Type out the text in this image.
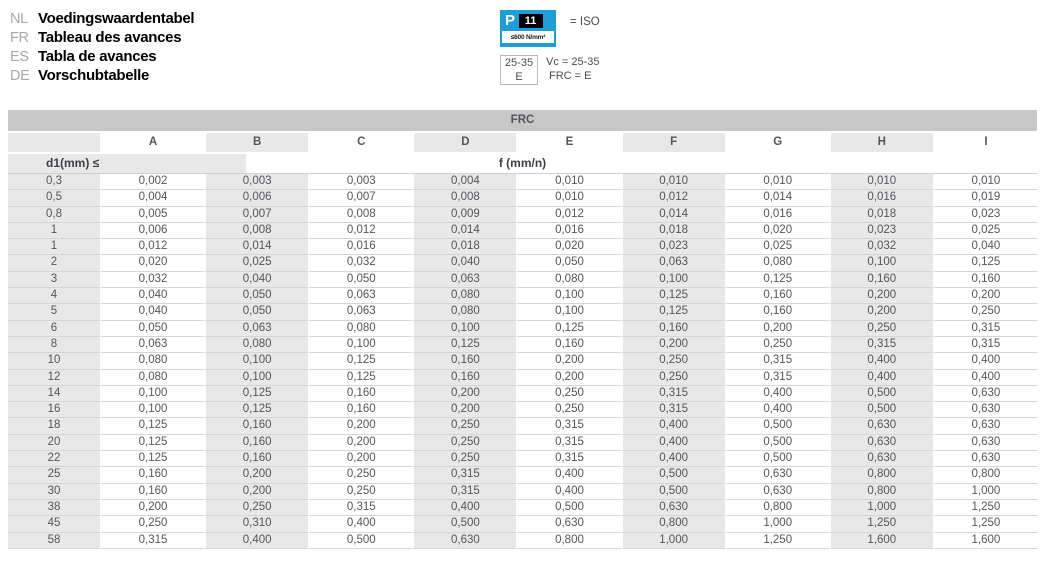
NL Voedingswaardentabel
FR Tableau des avances
ES Tabla de avances
DE Vorschubtabelle
P 11
≤600 N/mm²
= ISO
25-35
E
Vc = 25-35
FRC = E
FRC									
	A	B	C	D	E	F	G	H	I

f (mm/n)
d1(mm) ≤									

0,3	0,002	0,003	0,003	0,004	0,010	0,010	0,010	0,010	0,010
0,5	0,004	0,006	0,007	0,008	0,010	0,012	0,014	0,016	0,019
0,8	0,005	0,007	0,008	0,009	0,012	0,014	0,016	0,018	0,023
1	0,006	0,008	0,012	0,014	0,016	0,018	0,020	0,023	0,025
1	0,012	0,014	0,016	0,018	0,020	0,023	0,025	0,032	0,040
2	0,020	0,025	0,032	0,040	0,050	0,063	0,080	0,100	0,125
3	0,032	0,040	0,050	0,063	0,080	0,100	0,125	0,160	0,160
4	0,040	0,050	0,063	0,080	0,100	0,125	0,160	0,200	0,200
5	0,040	0,050	0,063	0,080	0,100	0,125	0,160	0,200	0,250
6	0,050	0,063	0,080	0,100	0,125	0,160	0,200	0,250	0,315
8	0,063	0,080	0,100	0,125	0,160	0,200	0,250	0,315	0,315
10	0,080	0,100	0,125	0,160	0,200	0,250	0,315	0,400	0,400
12	0,080	0,100	0,125	0,160	0,200	0,250	0,315	0,400	0,400
14	0,100	0,125	0,160	0,200	0,250	0,315	0,400	0,500	0,630
16	0,100	0,125	0,160	0,200	0,250	0,315	0,400	0,500	0,630
18	0,125	0,160	0,200	0,250	0,315	0,400	0,500	0,630	0,630
20	0,125	0,160	0,200	0,250	0,315	0,400	0,500	0,630	0,630
22	0,125	0,160	0,200	0,250	0,315	0,400	0,500	0,630	0,630
25	0,160	0,200	0,250	0,315	0,400	0,500	0,630	0,800	0,800
30	0,160	0,200	0,250	0,315	0,400	0,500	0,630	0,800	1,000
38	0,200	0,250	0,315	0,400	0,500	0,630	0,800	1,000	1,250
45	0,250	0,310	0,400	0,500	0,630	0,800	1,000	1,250	1,250
58	0,315	0,400	0,500	0,630	0,800	1,000	1,250	1,600	1,600
